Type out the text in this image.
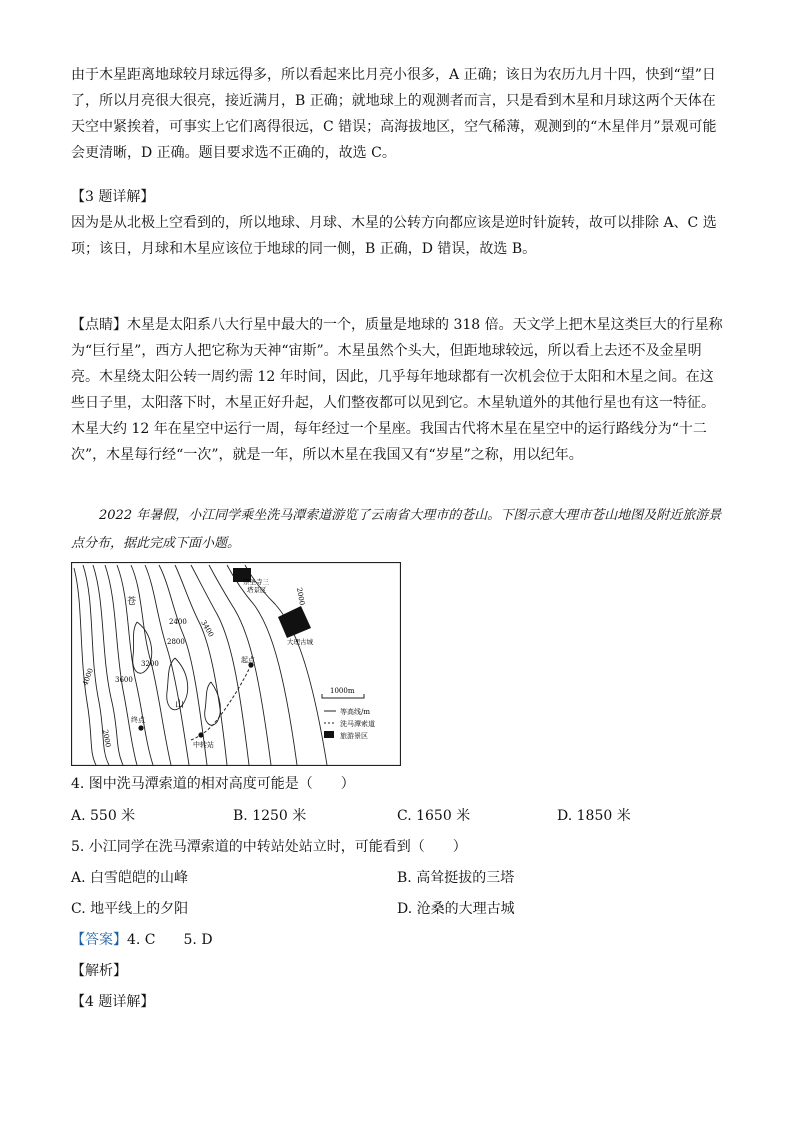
由于木星距离地球较月球远得多，所以看起来比月亮小很多，A 正确；该日为农历九月十四，快到“望”日了，所以月亮很大很亮，接近满月，B 正确；就地球上的观测者而言，只是看到木星和月球这两个天体在天空中紧挨着，可事实上它们离得很远，C 错误；高海拔地区，空气稀薄，观测到的“木星伴月”景观可能会更清晰，D 正确。题目要求选不正确的，故选 C。

【3 题详解】

因为是从北极上空看到的，所以地球、月球、木星的公转方向都应该是逆时针旋转，故可以排除 A、C 选项；该日，月球和木星应该位于地球的同一侧，B 正确，D 错误，故选 B。

【点睛】木星是太阳系八大行星中最大的一个，质量是地球的 318 倍。天文学上把木星这类巨大的行星称为“巨行星”，西方人把它称为天神“宙斯”。木星虽然个头大，但距地球较远，所以看上去还不及金星明亮。木星绕太阳公转一周约需 12 年时间，因此，几乎每年地球都有一次机会位于太阳和木星之间。在这些日子里，太阳落下时，木星正好升起，人们整夜都可以见到它。木星轨道外的其他行星也有这一特征。木星大约 12 年在星空中运行一周，每年经过一个星座。我国古代将木星在星空中的运行路线分为“十二次”，木星每行经“一次”，就是一年，所以木星在我国又有“岁星”之称，用以纪年。

2022 年暑假，小江同学乘坐洗马潭索道游览了云南省大理市的苍山。下图示意大理市苍山地图及附近旅游景点分布，据此完成下面小题。

苍
山
崇圣寺三
塔景区
大理古城
起点
终点
中转站
2400
2800
3200
3600
4000
3400
2000
2000
1000m
等高线/m
洗马潭索道
旅游景区
4. 图中洗马潭索道的相对高度可能是（　　）
A. 550 米	B. 1250 米	C. 1650 米	D. 1850 米
5. 小江同学在洗马潭索道的中转站处站立时，可能看到（　　）
A. 白雪皑皑的山峰	B. 高耸挺拔的三塔
C. 地平线上的夕阳	D. 沧桑的大理古城
【答案】4. C　　5. D
【解析】
【4 题详解】
